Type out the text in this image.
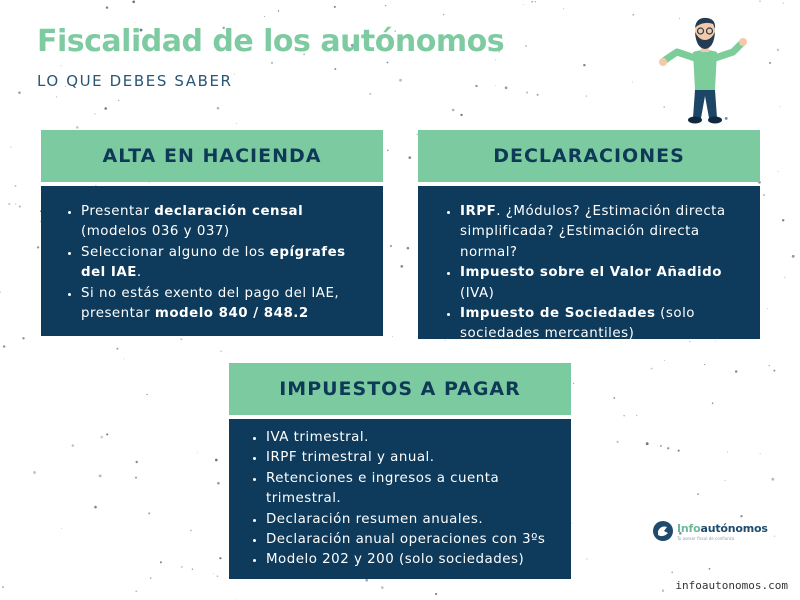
Fiscalidad de los autónomos
LO QUE DEBES SABER
ALTA EN HACIENDA
• Presentar declaración censal (modelos 036 y 037)
• Seleccionar alguno de los epígrafes del IAE.
• Si no estás exento del pago del IAE, presentar modelo 840 / 848.2
DECLARACIONES
• IRPF. ¿Módulos? ¿Estimación directa simplificada? ¿Estimación directa normal?
• Impuesto sobre el Valor Añadido (IVA)
• Impuesto de Sociedades (solo sociedades mercantiles)
IMPUESTOS A PAGAR
• IVA trimestral.
• IRPF trimestral y anual.
• Retenciones e ingresos a cuenta trimestral.
• Declaración resumen anuales.
• Declaración anual operaciones con 3ºs
• Modelo 202 y 200 (solo sociedades)
Infoautónomos
Tu asesor fiscal de confianza
infoautonomos.com
